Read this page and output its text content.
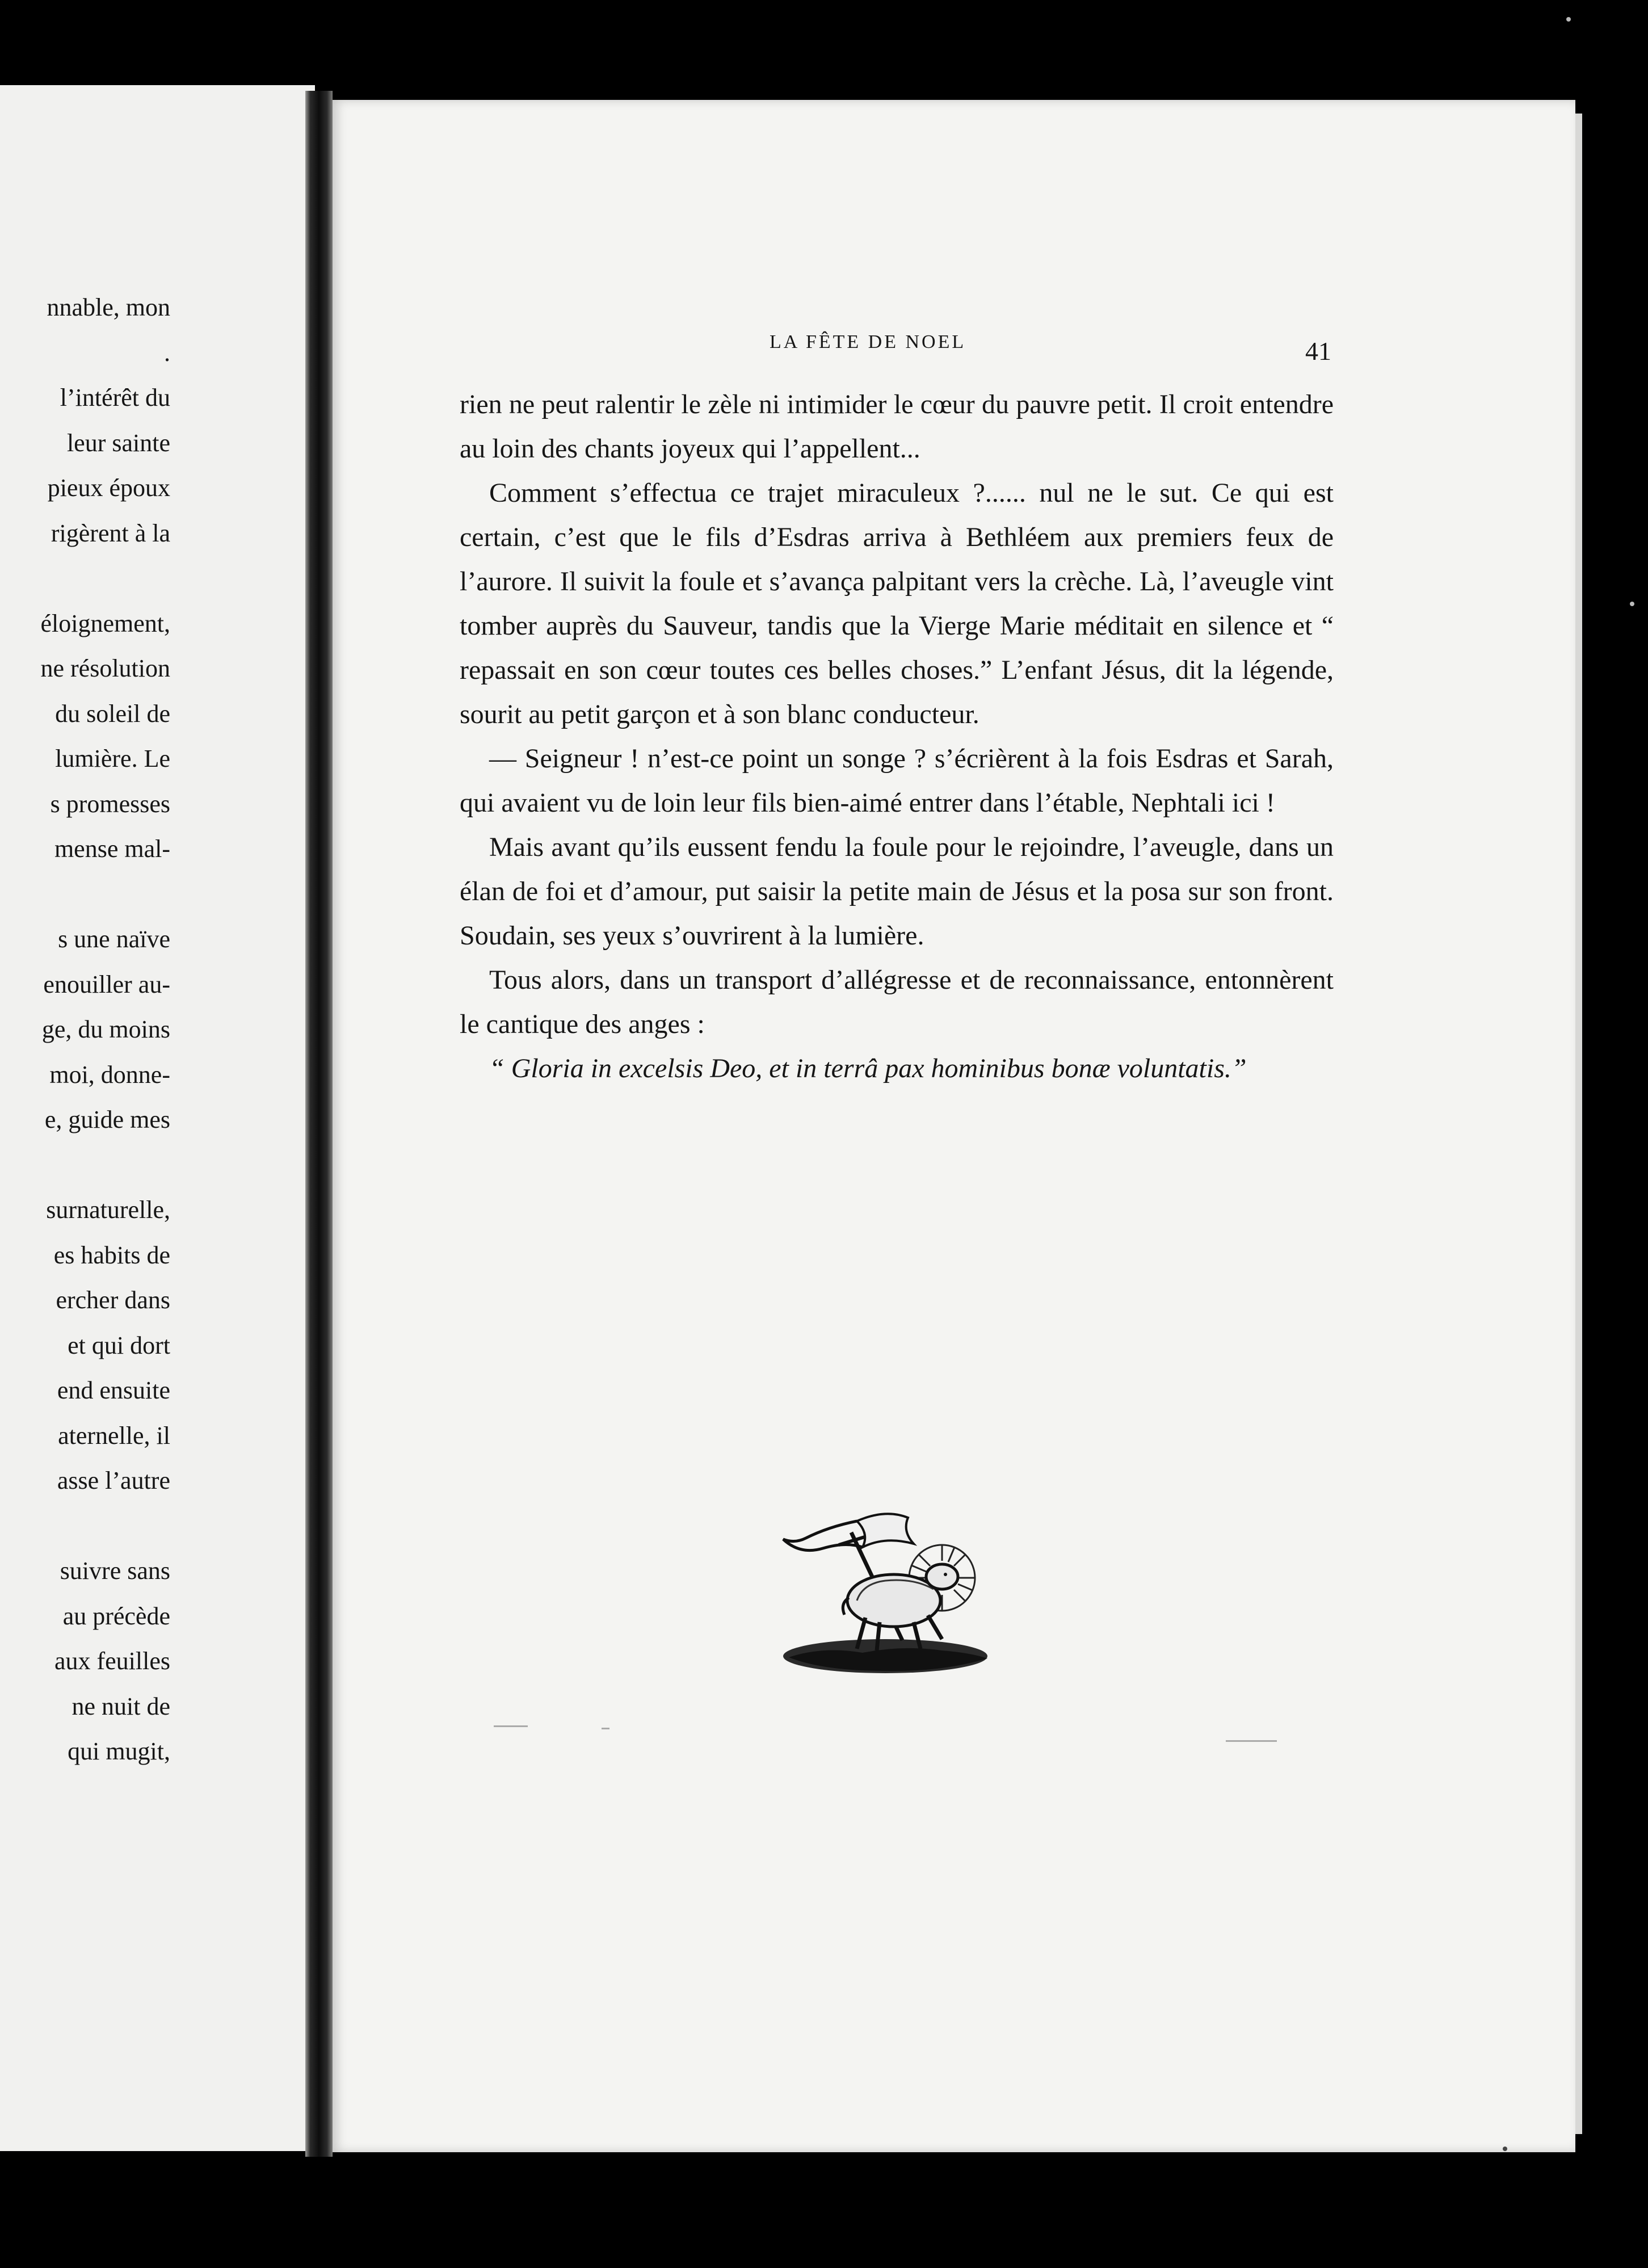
nnable, mon
.
l’intérêt du
leur sainte
pieux époux
rigèrent à la
éloignement,
ne résolution
du soleil de
lumière. Le
s promesses
mense mal-
s une naïve
enouiller au-
ge, du moins
moi, donne-
e, guide mes
surnaturelle,
es habits de
ercher dans
et qui dort
end ensuite
aternelle, il
asse l’autre
suivre sans
au précède
aux feuilles
ne nuit de
qui mugit,
LA FÊTE DE NOEL	41

rien ne peut ralentir le zèle ni intimider le cœur du pauvre petit. Il croit entendre au loin des chants joyeux qui l’appellent...

Comment s’effectua ce trajet miraculeux ?...... nul ne le sut. Ce qui est certain, c’est que le fils d’Esdras arriva à Bethléem aux premiers feux de l’aurore. Il suivit la foule et s’avança palpitant vers la crèche. Là, l’aveugle vint tomber auprès du Sauveur, tandis que la Vierge Marie méditait en silence et “ repassait en son cœur toutes ces belles choses.” L’enfant Jésus, dit la légende, sourit au petit garçon et à son blanc conducteur.

— Seigneur ! n’est-ce point un songe ? s’écrièrent à la fois Esdras et Sarah, qui avaient vu de loin leur fils bien-aimé entrer dans l’étable, Nephtali ici !

Mais avant qu’ils eussent fendu la foule pour le rejoindre, l’aveugle, dans un élan de foi et d’amour, put saisir la petite main de Jésus et la posa sur son front. Soudain, ses yeux s’ouvrirent à la lumière.

Tous alors, dans un transport d’allégresse et de reconnaissance, entonnèrent le cantique des anges :

“ Gloria in excelsis Deo, et in terrâ pax hominibus bonæ voluntatis.”
